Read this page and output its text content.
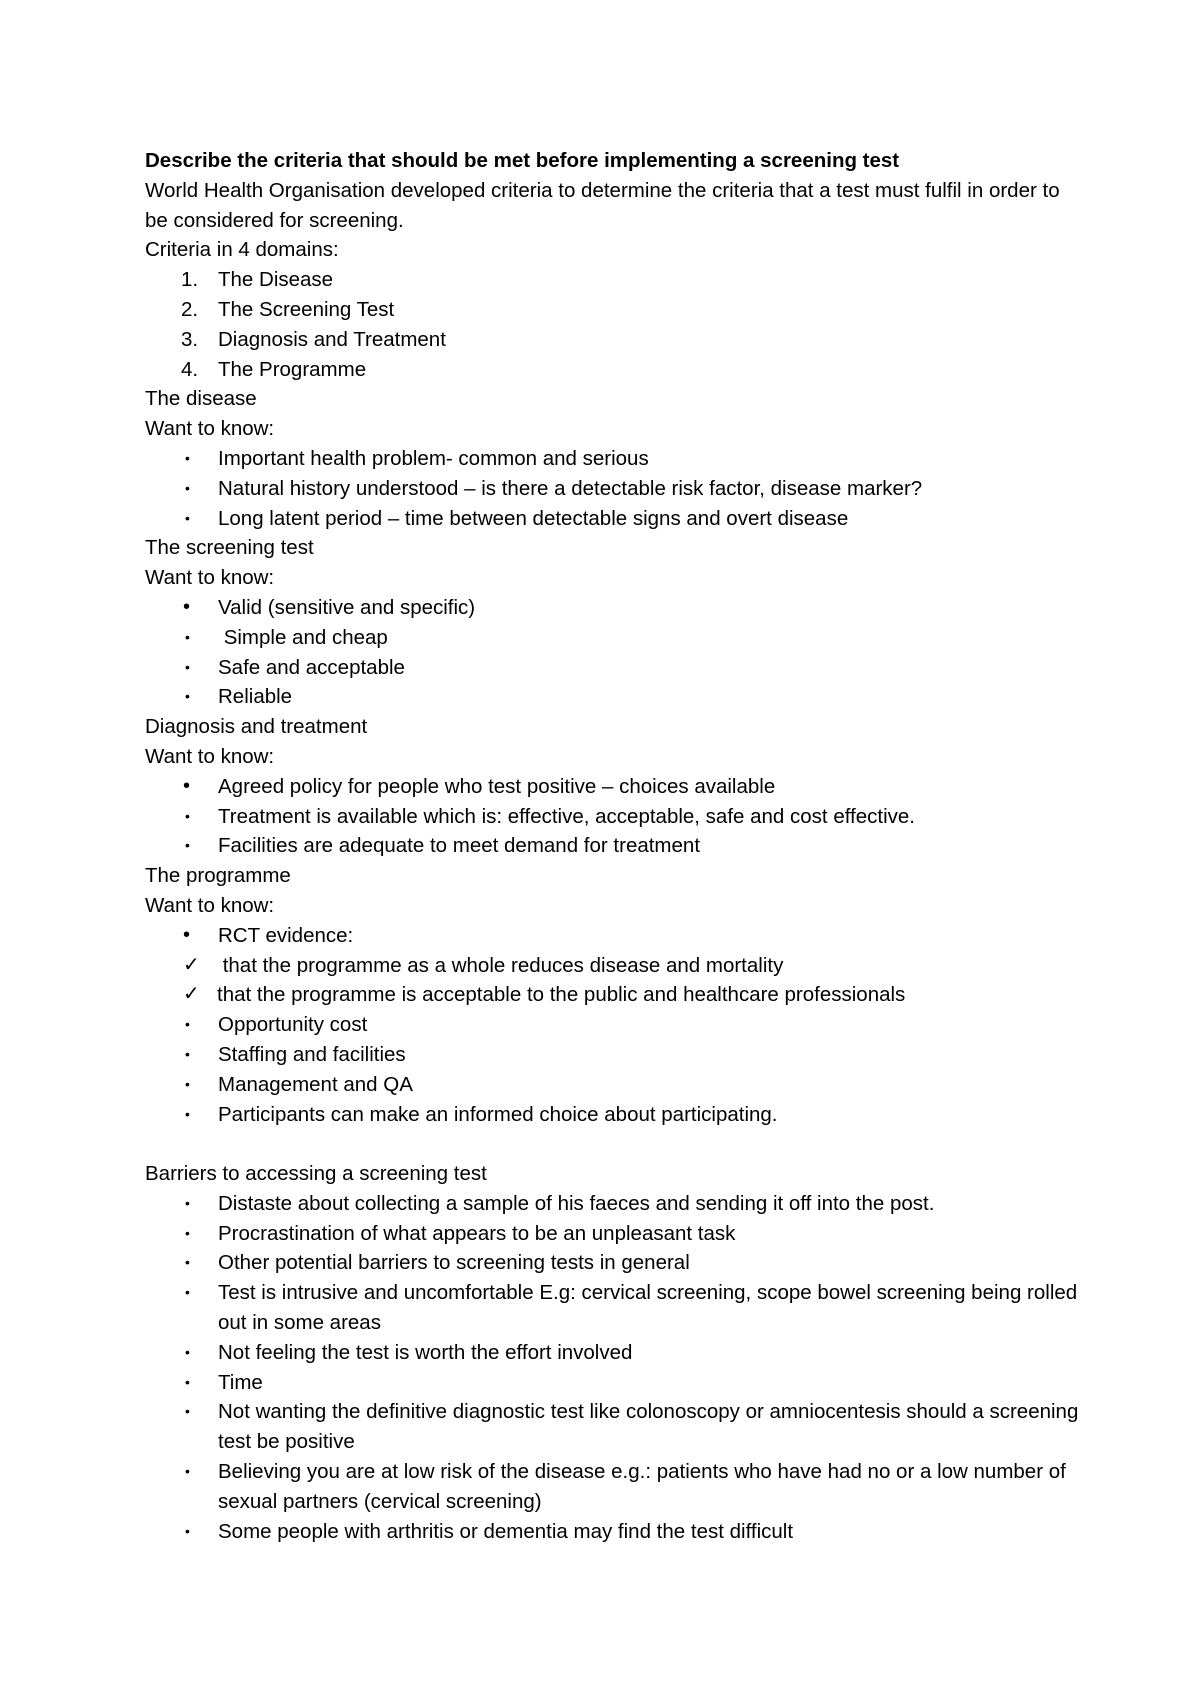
Describe the criteria that should be met before implementing a screening test

World Health Organisation developed criteria to determine the criteria that a test must fulfil in order to be considered for screening.

Criteria in 4 domains:

1. The Disease

2. The Screening Test

3. Diagnosis and Treatment

4. The Programme

The disease

Want to know:

•	Important health problem- common and serious

•	Natural history understood – is there a detectable risk factor, disease marker?

•	Long latent period – time between detectable signs and overt disease

The screening test

Want to know:

•	Valid (sensitive and specific)

•	Simple and cheap

•	Safe and acceptable

•	Reliable

Diagnosis and treatment

Want to know:

•	Agreed policy for people who test positive – choices available

•	Treatment is available which is: effective, acceptable, safe and cost effective.

•	Facilities are adequate to meet demand for treatment

The programme

Want to know:

•	RCT evidence:

✓ that the programme as a whole reduces disease and mortality

✓ that the programme is acceptable to the public and healthcare professionals

•	Opportunity cost

•	Staffing and facilities

•	Management and QA

•	Participants can make an informed choice about participating.

Barriers to accessing a screening test

•	Distaste about collecting a sample of his faeces and sending it off into the post.

•	Procrastination of what appears to be an unpleasant task

•	Other potential barriers to screening tests in general

•	Test is intrusive and uncomfortable E.g: cervical screening, scope bowel screening being rolled out in some areas

•	Not feeling the test is worth the effort involved

•	Time

•	Not wanting the definitive diagnostic test like colonoscopy or amniocentesis should a screening test be positive

•	Believing you are at low risk of the disease e.g.: patients who have had no or a low number of sexual partners (cervical screening)

•	Some people with arthritis or dementia may find the test difficult
